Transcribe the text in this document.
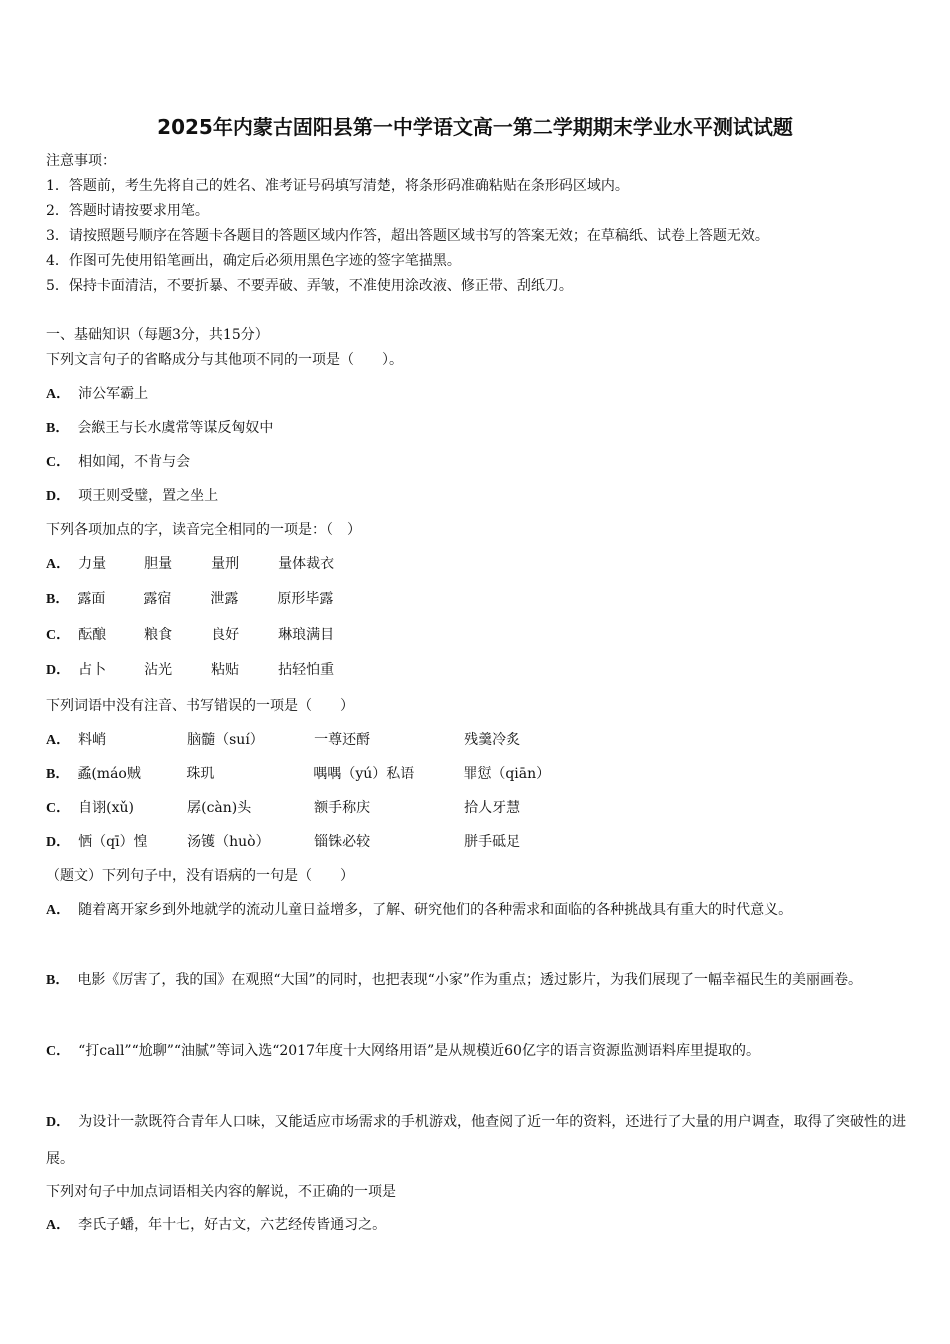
2025年内蒙古固阳县第一中学语文高一第二学期期末学业水平测试试题
注意事项：
1．答题前，考生先将自己的姓名、准考证号码填写清楚，将条形码准确粘贴在条形码区域内。
2．答题时请按要求用笔。
3．请按照题号顺序在答题卡各题目的答题区域内作答，超出答题区域书写的答案无效；在草稿纸、试卷上答题无效。
4．作图可先使用铅笔画出，确定后必须用黑色字迹的签字笔描黑。
5．保持卡面清洁，不要折暴、不要弄破、弄皱，不准使用涂改液、修正带、刮纸刀。
一、基础知识（每题3分，共15分）
下列文言句子的省略成分与其他项不同的一项是（　　）。
A． 沛公军霸上
B． 会緱王与长水虞常等谋反匈奴中
C． 相如闻，不肯与会
D． 项王则受璧，置之坐上
下列各项加点的字，读音完全相同的一项是：（　）
A． 力量	胆量	量刑	量体裁衣
B． 露面	露宿	泄露	原形毕露
C． 酝酿	粮食	良好	琳琅满目
D． 占卜	沾光	粘贴	拈轻怕重
下列词语中没有注音、书写错误的一项是（　　）
A． 料峭	脑髓（suí）	一尊还酹	残羹冷炙
B． 蟊(máo贼	珠玑	喁喁（yú）私语	罪愆（qiān）
C． 自诩(xǔ)	孱(càn)头	额手称庆	拾人牙慧
D． 恓（qī）惶	汤镬（huò）	锱铢必较	胼手砥足
（题文）下列句子中，没有语病的一句是（　　）
A． 随着离开家乡到外地就学的流动儿童日益增多，了解、研究他们的各种需求和面临的各种挑战具有重大的时代意义。
B． 电影《厉害了，我的国》在观照“大国”的同时，也把表现“小家”作为重点；透过影片，为我们展现了一幅幸福民生的美丽画卷。
C． “打call”“尬聊”“油腻”等词入选“2017年度十大网络用语”是从规模近60亿字的语言资源监测语料库里提取的。
D． 为设计一款既符合青年人口味，又能适应市场需求的手机游戏，他查阅了近一年的资料，还进行了大量的用户调查，取得了突破性的进展。
下列对句子中加点词语相关内容的解说，不正确的一项是
A． 李氏子蟠，年十七，好古文，六艺经传皆通习之。
